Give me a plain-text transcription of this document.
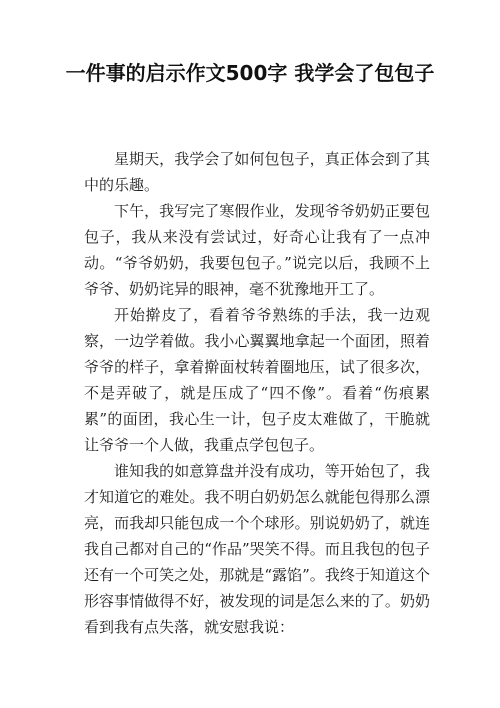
一件事的启示作文500字 我学会了包包子

星期天，我学会了如何包包子，真正体会到了其中的乐趣。

下午，我写完了寒假作业，发现爷爷奶奶正要包包子，我从来没有尝试过，好奇心让我有了一点冲动。“爷爷奶奶，我要包包子。”说完以后，我顾不上爷爷、奶奶诧异的眼神，毫不犹豫地开工了。

开始擀皮了，看着爷爷熟练的手法，我一边观察，一边学着做。我小心翼翼地拿起一个面团，照着爷爷的样子，拿着擀面杖转着圈地压，试了很多次，不是弄破了，就是压成了“四不像”。看着“伤痕累累”的面团，我心生一计，包子皮太难做了，干脆就让爷爷一个人做，我重点学包包子。

谁知我的如意算盘并没有成功，等开始包了，我才知道它的难处。我不明白奶奶怎么就能包得那么漂亮，而我却只能包成一个个球形。别说奶奶了，就连我自己都对自己的“作品”哭笑不得。而且我包的包子还有一个可笑之处，那就是“露馅”。我终于知道这个形容事情做得不好，被发现的词是怎么来的了。奶奶看到我有点失落，就安慰我说：
